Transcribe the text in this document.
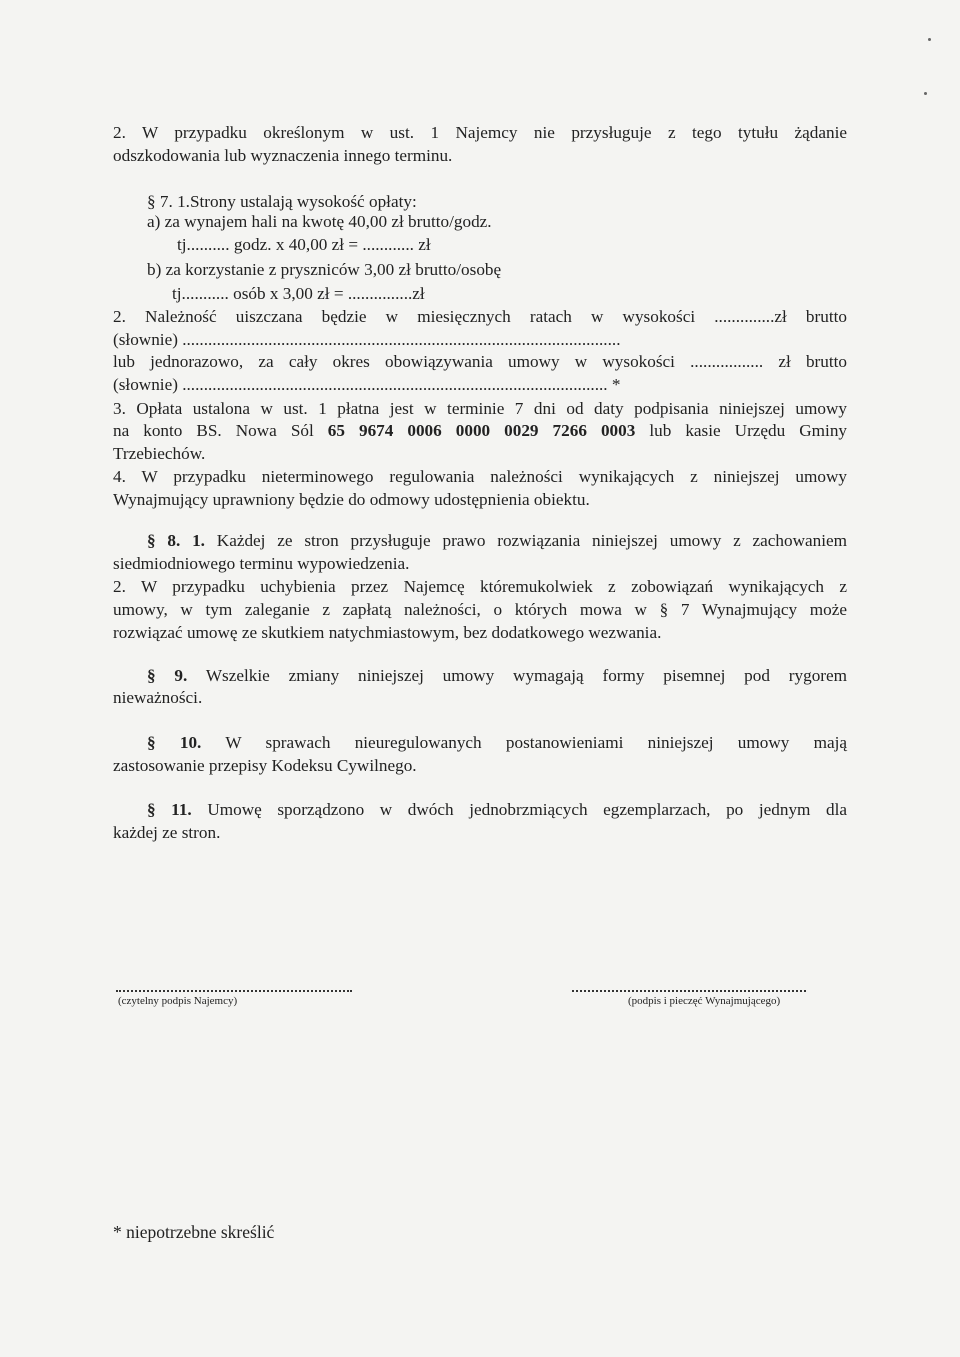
2. W przypadku określonym w ust. 1 Najemcy nie przysługuje z tego tytułu żądanie
odszkodowania lub wyznaczenia innego terminu.
§ 7. 1.Strony ustalają wysokość opłaty:
a) za wynajem hali na kwotę 40,00 zł brutto/godz.
tj.......... godz. x 40,00 zł = ............ zł
b) za korzystanie z pryszniców 3,00 zł brutto/osobę
tj........... osób x 3,00 zł = ...............zł
2. Należność uiszczana będzie w miesięcznych ratach w wysokości ..............zł brutto
(słownie) ......................................................................................................
lub jednorazowo, za cały okres obowiązywania umowy w wysokości ................. zł brutto
(słownie) ................................................................................................... *
3. Opłata ustalona w ust. 1 płatna jest w terminie 7 dni od daty podpisania niniejszej umowy
na konto BS. Nowa Sól 65 9674 0006 0000 0029 7266 0003 lub kasie Urzędu Gminy
Trzebiechów.
4. W przypadku nieterminowego regulowania należności wynikających z niniejszej umowy
Wynajmujący uprawniony będzie do odmowy udostępnienia obiektu.
§ 8. 1. Każdej ze stron przysługuje prawo rozwiązania niniejszej umowy z zachowaniem
siedmiodniowego terminu wypowiedzenia.
2. W przypadku uchybienia przez Najemcę któremukolwiek z zobowiązań wynikających z
umowy, w tym zaleganie z zapłatą należności, o których mowa w § 7 Wynajmujący może
rozwiązać umowę ze skutkiem natychmiastowym, bez dodatkowego wezwania.
§ 9. Wszelkie zmiany niniejszej umowy wymagają formy pisemnej pod rygorem
nieważności.
§ 10. W sprawach nieuregulowanych postanowieniami niniejszej umowy mają
zastosowanie przepisy Kodeksu Cywilnego.
§ 11. Umowę sporządzono w dwóch jednobrzmiących egzemplarzach, po jednym dla
każdej ze stron.
(czytelny podpis Najemcy)	(podpis i pieczęć Wynajmującego)
* niepotrzebne skreślić
